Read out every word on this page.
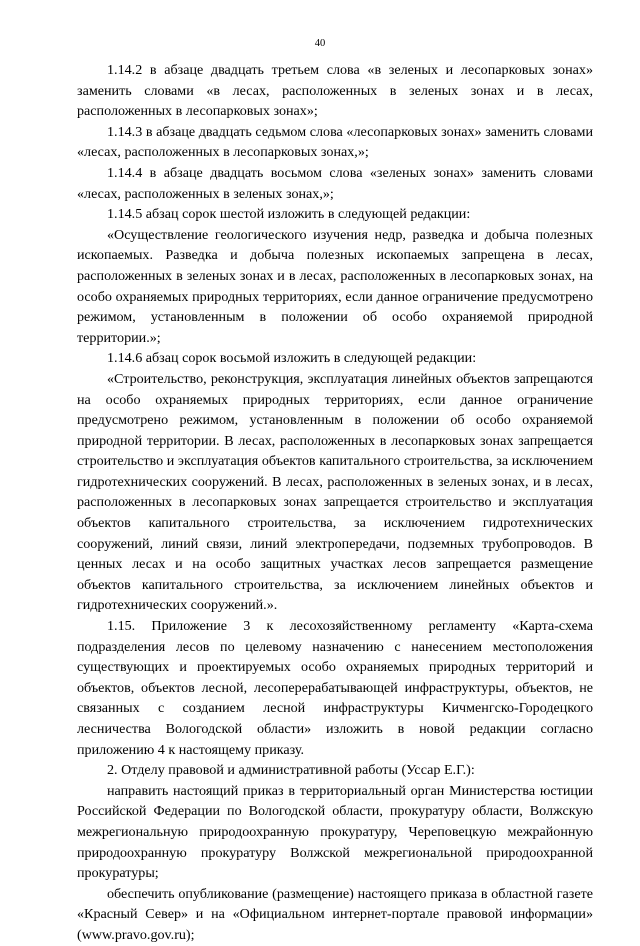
40

1.14.2 в абзаце двадцать третьем слова «в зеленых и лесопарковых зонах» заменить словами «в лесах, расположенных в зеленых зонах и в лесах, расположенных в лесопарковых зонах»;

1.14.3 в абзаце двадцать седьмом слова «лесопарковых зонах» заменить словами «лесах, расположенных в лесопарковых зонах,»;

1.14.4 в абзаце двадцать восьмом слова «зеленых зонах» заменить словами «лесах, расположенных в зеленых зонах,»;

1.14.5 абзац сорок шестой изложить в следующей редакции:

«Осуществление геологического изучения недр, разведка и добыча полезных ископаемых. Разведка и добыча полезных ископаемых запрещена в лесах, расположенных в зеленых зонах и в лесах, расположенных в лесопарковых зонах, на особо охраняемых природных территориях, если данное ограничение предусмотрено режимом, установленным в положении об особо охраняемой природной территории.»;

1.14.6 абзац сорок восьмой изложить в следующей редакции:

«Строительство, реконструкция, эксплуатация линейных объектов запрещаются на особо охраняемых природных территориях, если данное ограничение предусмотрено режимом, установленным в положении об особо охраняемой природной территории. В лесах, расположенных в лесопарковых зонах запрещается строительство и эксплуатация объектов капитального строительства, за исключением гидротехнических сооружений. В лесах, расположенных в зеленых зонах, и в лесах, расположенных в лесопарковых зонах запрещается строительство и эксплуатация объектов капитального строительства, за исключением гидротехнических сооружений, линий связи, линий электропередачи, подземных трубопроводов. В ценных лесах и на особо защитных участках лесов запрещается размещение объектов капитального строительства, за исключением линейных объектов и гидротехнических сооружений.».

1.15. Приложение 3 к лесохозяйственному регламенту «Карта-схема подразделения лесов по целевому назначению с нанесением местоположения существующих и проектируемых особо охраняемых природных территорий и объектов, объектов лесной, лесоперерабатывающей инфраструктуры, объектов, не связанных с созданием лесной инфраструктуры Кичменгско-Городецкого лесничества Вологодской области» изложить в новой редакции согласно приложению 4 к настоящему приказу.

2. Отделу правовой и административной работы (Уссар Е.Г.):

направить настоящий приказ в территориальный орган Министерства юстиции Российской Федерации по Вологодской области, прокуратуру области, Волжскую межрегиональную природоохранную прокуратуру, Череповецкую межрайонную природоохранную прокуратуру Волжской межрегиональной природоохранной прокуратуры;

обеспечить опубликование (размещение) настоящего приказа в областной газете «Красный Север» и на «Официальном интернет-портале правовой информации» (www.pravo.gov.ru);
